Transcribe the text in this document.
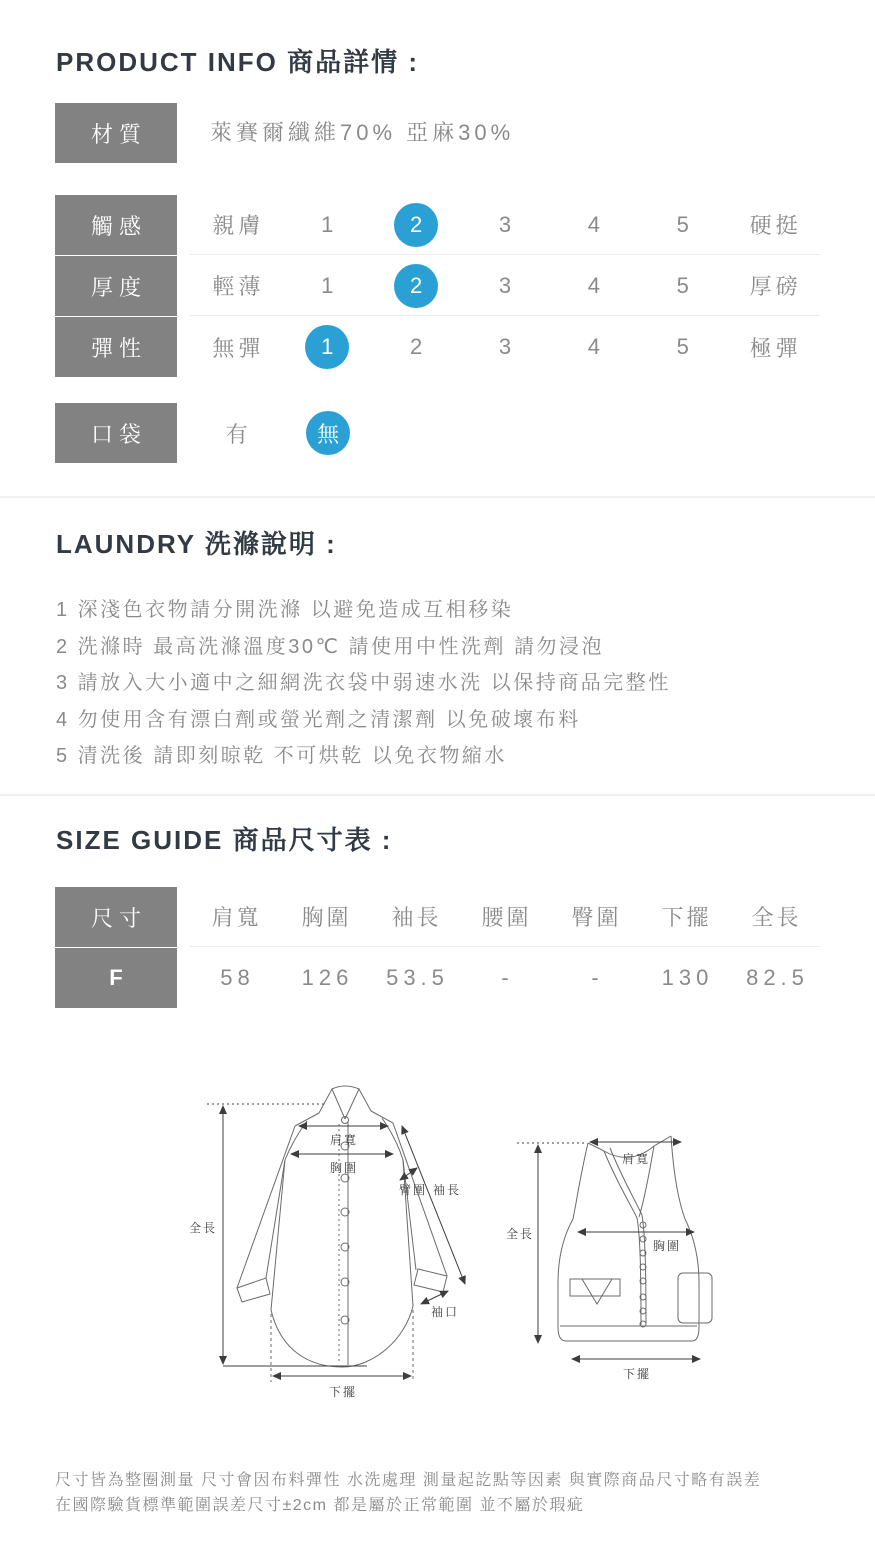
PRODUCT INFO 商品詳情 :
材質	萊賽爾纖維70% 亞麻30%
觸感	親膚	1	2	3	4	5	硬挺
厚度	輕薄	1	2	3	4	5	厚磅
彈性	無彈	1	2	3	4	5	極彈
口袋	有	無
LAUNDRY 洗滌說明 :
1 深淺色衣物請分開洗滌 以避免造成互相移染
2 洗滌時 最高洗滌溫度30℃ 請使用中性洗劑 請勿浸泡
3 請放入大小適中之細網洗衣袋中弱速水洗 以保持商品完整性
4 勿使用含有漂白劑或螢光劑之清潔劑 以免破壞布料
5 清洗後 請即刻晾乾 不可烘乾 以免衣物縮水
SIZE GUIDE 商品尺寸表 :
尺寸	肩寬	胸圍	袖長	腰圍	臀圍	下擺	全長
F	58	126	53.5	-	-	130	82.5
全長
肩寬
胸圍
臂圍 袖長
袖口
下擺
全長
肩寬
胸圍
下擺
尺寸皆為整圈測量 尺寸會因布料彈性 水洗處理 測量起訖點等因素 與實際商品尺寸略有誤差
在國際驗貨標準範圍誤差尺寸±2cm 都是屬於正常範圍 並不屬於瑕疵
